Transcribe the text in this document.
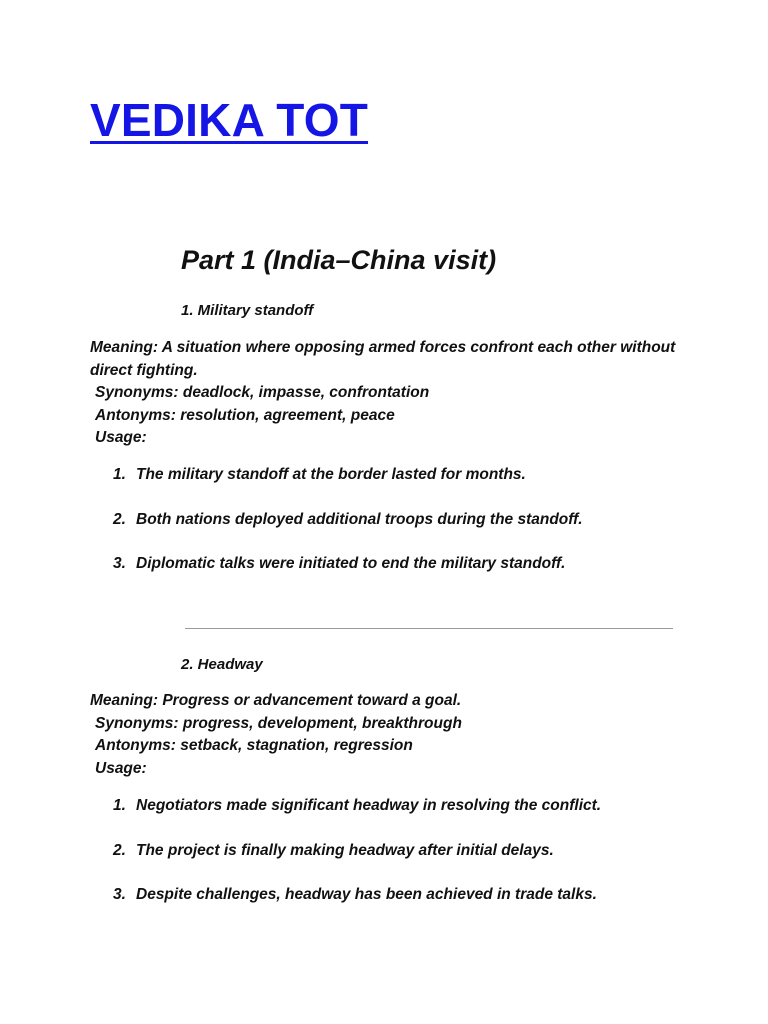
VEDIKA TOT
Part 1 (India–China visit)
1. Military standoff
Meaning: A situation where opposing armed forces confront each other without direct fighting.
Synonyms: deadlock, impasse, confrontation
Antonyms: resolution, agreement, peace
Usage:
1. The military standoff at the border lasted for months.
2. Both nations deployed additional troops during the standoff.
3. Diplomatic talks were initiated to end the military standoff.
2. Headway
Meaning: Progress or advancement toward a goal.
Synonyms: progress, development, breakthrough
Antonyms: setback, stagnation, regression
Usage:
1. Negotiators made significant headway in resolving the conflict.
2. The project is finally making headway after initial delays.
3. Despite challenges, headway has been achieved in trade talks.
